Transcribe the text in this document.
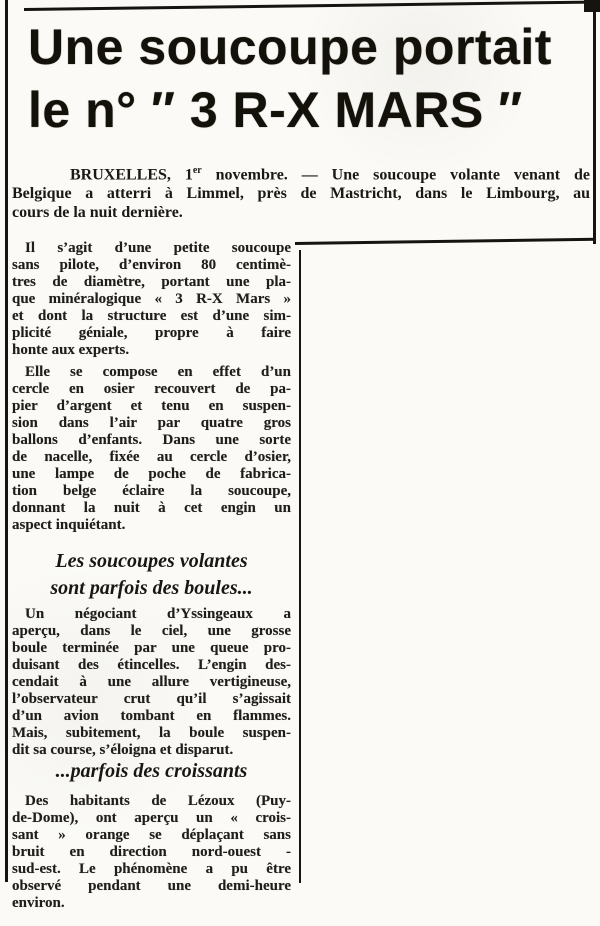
Une soucoupe portait
le n° ″ 3 R-X MARS ″
BRUXELLES, 1er novembre. — Une soucoupe volante venant de
Belgique a atterri à Limmel, près de Mastricht, dans le Limbourg, au
cours de la nuit dernière.
Il s’agit d’une petite soucoupe
sans pilote, d’environ 80 centimè-
tres de diamètre, portant une pla-
que minéralogique « 3 R-X Mars »
et dont la structure est d’une sim-
plicité géniale, propre à faire
honte aux experts.
Elle se compose en effet d’un
cercle en osier recouvert de pa-
pier d’argent et tenu en suspen-
sion dans l’air par quatre gros
ballons d’enfants. Dans une sorte
de nacelle, fixée au cercle d’osier,
une lampe de poche de fabrica-
tion belge éclaire la soucoupe,
donnant la nuit à cet engin un
aspect inquiétant.
Les soucoupes volantes
sont parfois des boules...
Un négociant d’Yssingeaux a
aperçu, dans le ciel, une grosse
boule terminée par une queue pro-
duisant des étincelles. L’engin des-
cendait à une allure vertigineuse,
l’observateur crut qu’il s’agissait
d’un avion tombant en flammes.
Mais, subitement, la boule suspen-
dit sa course, s’éloigna et disparut.
...parfois des croissants
Des habitants de Lézoux (Puy-
de-Dome), ont aperçu un « crois-
sant » orange se déplaçant sans
bruit en direction nord-ouest -
sud-est. Le phénomène a pu être
observé pendant une demi-heure
environ.
